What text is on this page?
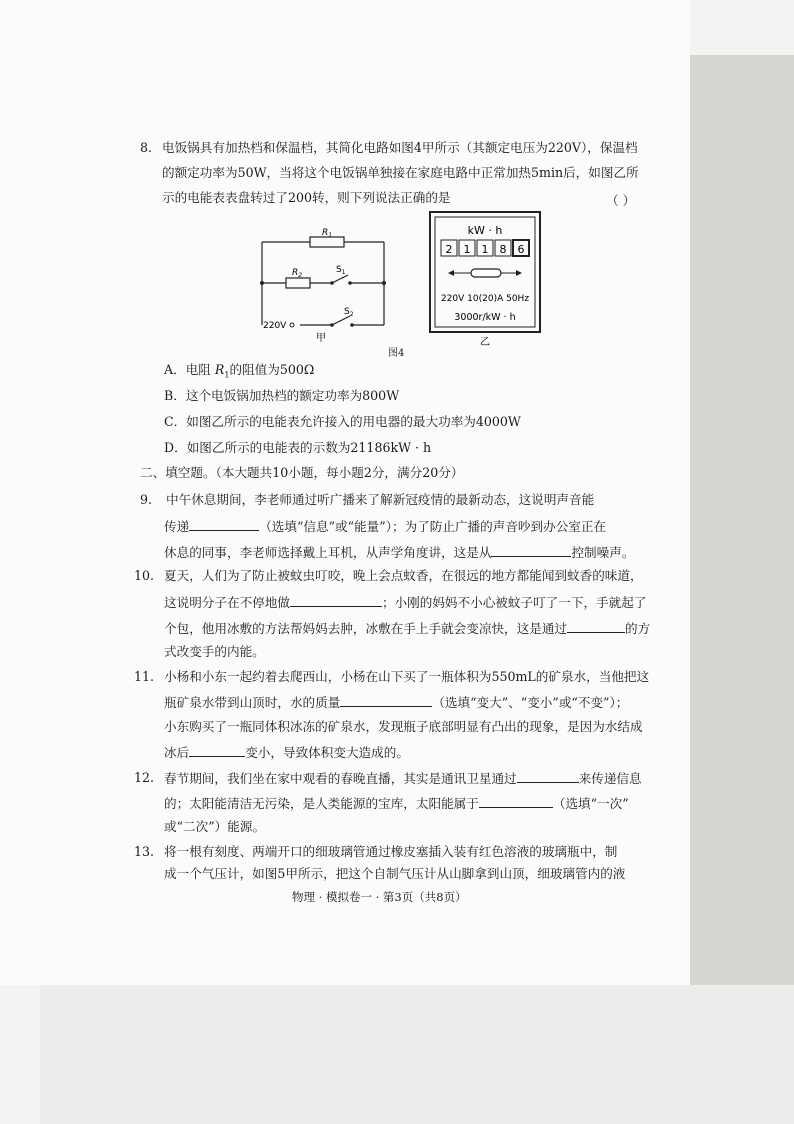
8. 电饭锅具有加热档和保温档，其简化电路如图4甲所示（其额定电压为220V），保温档
的额定功率为50W，当将这个电饭锅单独接在家庭电路中正常加热5min后，如图乙所
示的电能表表盘转过了200转，则下列说法正确的是	（ ）
$R_1$
$R_2$
$S_1$
$S_2$
220V
甲
kW · h
2 1 1 8 6
220V 10(20)A 50Hz
3000r/kW · h
乙
图4
A．电阻 $R_1$的阻值为500Ω
B．这个电饭锅加热档的额定功率为800W
C．如图乙所示的电能表允许接入的用电器的最大功率为4000W
D．如图乙所示的电能表的示数为21186kW · h
二、填空题。（本大题共10小题，每小题2分，满分20分）
9. 中午休息期间，李老师通过听广播来了解新冠疫情的最新动态，这说明声音能
传递	（选填“信息”或“能量”）；为了防止广播的声音吵到办公室正在
休息的同事，李老师选择戴上耳机，从声学角度讲，这是从	控制噪声。
10. 夏天，人们为了防止被蚊虫叮咬，晚上会点蚊香，在很远的地方都能闻到蚊香的味道，
这说明分子在不停地做	；小刚的妈妈不小心被蚊子叮了一下，手就起了
个包，他用冰敷的方法帮妈妈去肿，冰敷在手上手就会变凉快，这是通过	的方
式改变手的内能。
11. 小杨和小东一起约着去爬西山，小杨在山下买了一瓶体积为550mL的矿泉水，当他把这
瓶矿泉水带到山顶时，水的质量	（选填“变大”、“变小”或“不变”）；
小东购买了一瓶同体积冰冻的矿泉水，发现瓶子底部明显有凸出的现象，是因为水结成
冰后	变小，导致体积变大造成的。
12. 春节期间，我们坐在家中观看的春晚直播，其实是通讯卫星通过	来传递信息
的；太阳能清洁无污染，是人类能源的宝库，太阳能属于	（选填“一次”
或“二次”）能源。
13. 将一根有刻度、两端开口的细玻璃管通过橡皮塞插入装有红色溶液的玻璃瓶中，制
成一个气压计，如图5甲所示，把这个自制气压计从山脚拿到山顶，细玻璃管内的液
物理 · 模拟卷一 · 第3页（共8页）
